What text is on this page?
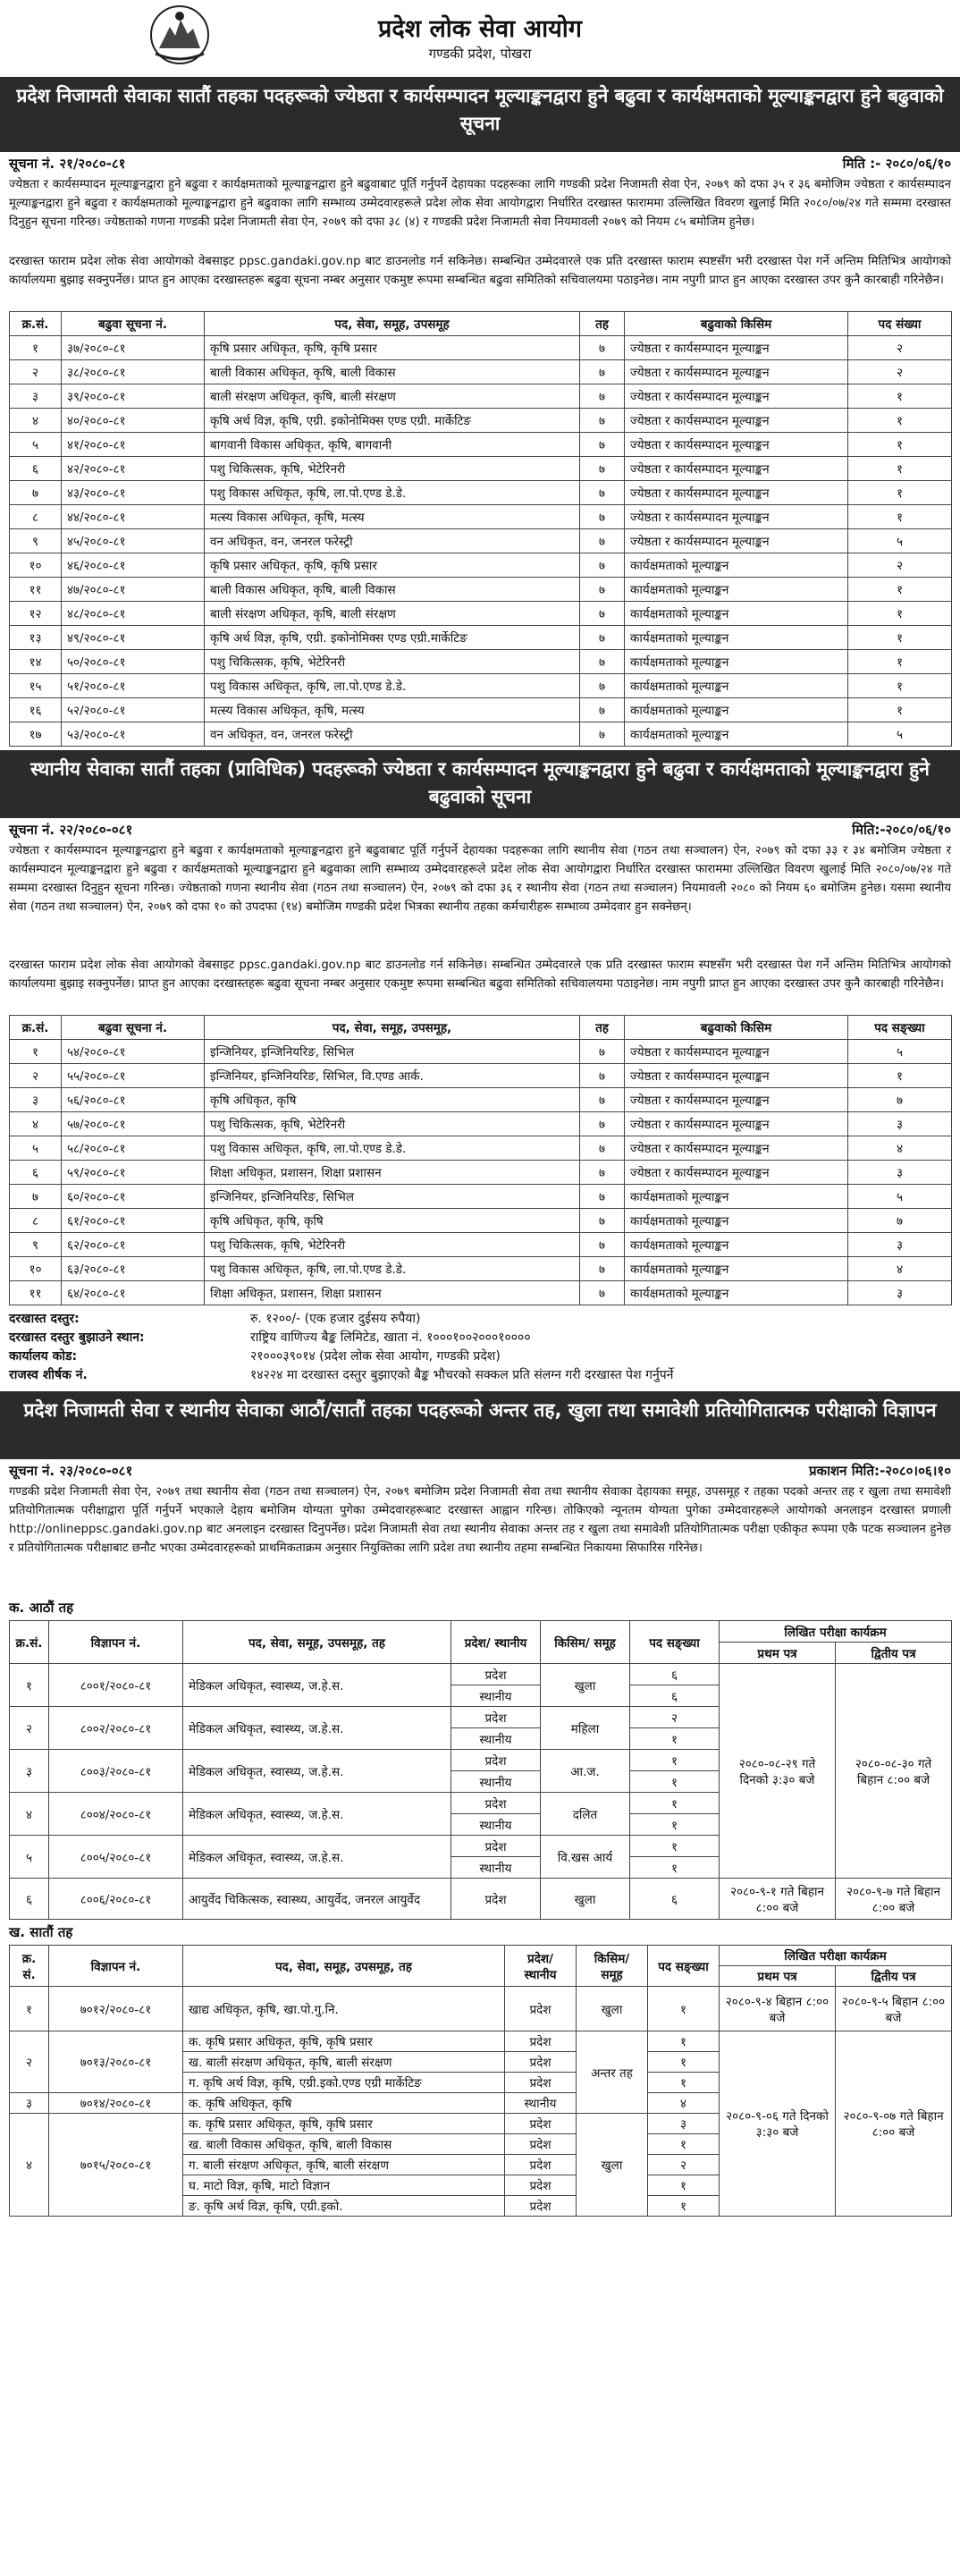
प्रदेश लोक सेवा आयोग
गण्डकी प्रदेश, पोखरा
प्रदेश निजामती सेवाका सातौं तहका पदहरूको ज्येष्ठता र कार्यसम्पादन मूल्याङ्कनद्वारा हुने बढुवा र कार्यक्षमताको मूल्याङ्कनद्वारा हुने बढुवाको सूचना
सूचना नं. २१/२०८०-८१	मिति :- २०८०/०६/१०
ज्येष्ठता र कार्यसम्पादन मूल्याङ्कनद्वारा हुने बढुवा र कार्यक्षमताको मूल्याङ्कनद्वारा हुने बढुवाबाट पूर्ति गर्नुपर्ने देहायका पदहरूका लागि गण्डकी प्रदेश निजामती सेवा ऐन, २०७९ को दफा ३५ र ३६ बमोजिम ज्येष्ठता र कार्यसम्पादन मूल्याङ्कनद्वारा हुने बढुवा र कार्यक्षमताको मूल्याङ्कनद्वारा हुने बढुवाका लागि सम्भाव्य उम्मेदवारहरूले प्रदेश लोक सेवा आयोगद्वारा निर्धारित दरखास्त फाराममा उल्लिखित विवरण खुलाई मिति २०८०/०७/२४ गते सम्ममा दरखास्त दिनुहुन सूचना गरिन्छ। ज्येष्ठताको गणना गण्डकी प्रदेश निजामती सेवा ऐन, २०७९ को दफा ३८ (४) र गण्डकी प्रदेश निजामती सेवा नियमावली २०७९ को नियम ८५ बमोजिम हुनेछ।
दरखास्त फाराम प्रदेश लोक सेवा आयोगको वेबसाइट ppsc.gandaki.gov.np बाट डाउनलोड गर्न सकिनेछ। सम्बन्धित उम्मेदवारले एक प्रति दरखास्त फाराम स्पष्टसँग भरी दरखास्त पेश गर्ने अन्तिम मितिभित्र आयोगको कार्यालयमा बुझाइ सक्नुपर्नेछ। प्राप्त हुन आएका दरखास्तहरू बढुवा सूचना नम्बर अनुसार एकमुष्ट रूपमा सम्बन्धित बढुवा समितिको सचिवालयमा पठाइनेछ। नाम नपुगी प्राप्त हुन आएका दरखास्त उपर कुनै कारबाही गरिनेछैन।
क्र.सं.	बढुवा सूचना नं.	पद, सेवा, समूह, उपसमूह	तह	बढुवाको किसिम	पद संख्या
१	३७/२०८०-८१	कृषि प्रसार अधिकृत, कृषि, कृषि प्रसार	७	ज्येष्ठता र कार्यसम्पादन मूल्याङ्कन	२
२	३८/२०८०-८१	बाली विकास अधिकृत, कृषि, बाली विकास	७	ज्येष्ठता र कार्यसम्पादन मूल्याङ्कन	२
३	३९/२०८०-८१	बाली संरक्षण अधिकृत, कृषि, बाली संरक्षण	७	ज्येष्ठता र कार्यसम्पादन मूल्याङ्कन	१
४	४०/२०८०-८१	कृषि अर्थ विज्ञ, कृषि, एग्री. इकोनोमिक्स एण्ड एग्री. मार्केटिङ	७	ज्येष्ठता र कार्यसम्पादन मूल्याङ्कन	१
५	४१/२०८०-८१	बागवानी विकास अधिकृत, कृषि, बागवानी	७	ज्येष्ठता र कार्यसम्पादन मूल्याङ्कन	१
६	४२/२०८०-८१	पशु चिकित्सक, कृषि, भेटेरिनरी	७	ज्येष्ठता र कार्यसम्पादन मूल्याङ्कन	१
७	४३/२०८०-८१	पशु विकास अधिकृत, कृषि, ला.पो.एण्ड डे.डे.	७	ज्येष्ठता र कार्यसम्पादन मूल्याङ्कन	१
८	४४/२०८०-८१	मत्स्य विकास अधिकृत, कृषि, मत्स्य	७	ज्येष्ठता र कार्यसम्पादन मूल्याङ्कन	१
९	४५/२०८०-८१	वन अधिकृत, वन, जनरल फरेस्ट्री	७	ज्येष्ठता र कार्यसम्पादन मूल्याङ्कन	५
१०	४६/२०८०-८१	कृषि प्रसार अधिकृत, कृषि, कृषि प्रसार	७	कार्यक्षमताको मूल्याङ्कन	२
११	४७/२०८०-८१	बाली विकास अधिकृत, कृषि, बाली विकास	७	कार्यक्षमताको मूल्याङ्कन	१
१२	४८/२०८०-८१	बाली संरक्षण अधिकृत, कृषि, बाली संरक्षण	७	कार्यक्षमताको मूल्याङ्कन	१
१३	४९/२०८०-८१	कृषि अर्थ विज्ञ, कृषि, एग्री. इकोनोमिक्स एण्ड एग्री.मार्केटिङ	७	कार्यक्षमताको मूल्याङ्कन	१
१४	५०/२०८०-८१	पशु चिकित्सक, कृषि, भेटेरिनरी	७	कार्यक्षमताको मूल्याङ्कन	१
१५	५१/२०८०-८१	पशु विकास अधिकृत, कृषि, ला.पो.एण्ड डे.डे.	७	कार्यक्षमताको मूल्याङ्कन	१
१६	५२/२०८०-८१	मत्स्य विकास अधिकृत, कृषि, मत्स्य	७	कार्यक्षमताको मूल्याङ्कन	१
१७	५३/२०८०-८१	वन अधिकृत, वन, जनरल फरेस्ट्री	७	कार्यक्षमताको मूल्याङ्कन	५
स्थानीय सेवाका सातौं तहका (प्राविधिक) पदहरूको ज्येष्ठता र कार्यसम्पादन मूल्याङ्कनद्वारा हुने बढुवा र कार्यक्षमताको मूल्याङ्कनद्वारा हुने बढुवाको सूचना
सूचना नं. २२/२०८०-०८१	मिति:-२०८०/०६/१०
ज्येष्ठता र कार्यसम्पादन मूल्याङ्कनद्वारा हुने बढुवा र कार्यक्षमताको मूल्याङ्कनद्वारा हुने बढुवाबाट पूर्ति गर्नुपर्ने देहायका पदहरूका लागि स्थानीय सेवा (गठन तथा सञ्चालन) ऐन, २०७९ को दफा ३३ र ३४ बमोजिम ज्येष्ठता र कार्यसम्पादन मूल्याङ्कनद्वारा हुने बढुवा र कार्यक्षमताको मूल्याङ्कनद्वारा हुने बढुवाका लागि सम्भाव्य उम्मेदवारहरूले प्रदेश लोक सेवा आयोगद्वारा निर्धारित दरखास्त फाराममा उल्लिखित विवरण खुलाई मिति २०८०/०७/२४ गते सम्ममा दरखास्त दिनुहुन सूचना गरिन्छ। ज्येष्ठताको गणना स्थानीय सेवा (गठन तथा सञ्चालन) ऐन, २०७९ को दफा ३६ र स्थानीय सेवा (गठन तथा सञ्चालन) नियमावली २०८० को नियम ६० बमोजिम हुनेछ। यसमा स्थानीय सेवा (गठन तथा सञ्चालन) ऐन, २०७९ को दफा १० को उपदफा (१४) बमोजिम गण्डकी प्रदेश भित्रका स्थानीय तहका कर्मचारीहरू सम्भाव्य उम्मेदवार हुन सक्नेछन्।
दरखास्त फाराम प्रदेश लोक सेवा आयोगको वेबसाइट ppsc.gandaki.gov.np बाट डाउनलोड गर्न सकिनेछ। सम्बन्धित उम्मेदवारले एक प्रति दरखास्त फाराम स्पष्टसँग भरी दरखास्त पेश गर्ने अन्तिम मितिभित्र आयोगको कार्यालयमा बुझाइ सक्नुपर्नेछ। प्राप्त हुन आएका दरखास्तहरू बढुवा सूचना नम्बर अनुसार एकमुष्ट रूपमा सम्बन्धित बढुवा समितिको सचिवालयमा पठाइनेछ। नाम नपुगी प्राप्त हुन आएका दरखास्त उपर कुनै कारबाही गरिनेछैन।
क्र.सं.	बढुवा सूचना नं.	पद, सेवा, समूह, उपसमूह,	तह	बढुवाको किसिम	पद सङ्ख्या
१	५४/२०८०-८१	इन्जिनियर, इन्जिनियरिङ, सिभिल	७	ज्येष्ठता र कार्यसम्पादन मूल्याङ्कन	५
२	५५/२०८०-८१	इन्जिनियर, इन्जिनियरिङ, सिभिल, वि.एण्ड आर्क.	७	ज्येष्ठता र कार्यसम्पादन मूल्याङ्कन	१
३	५६/२०८०-८१	कृषि अधिकृत, कृषि	७	ज्येष्ठता र कार्यसम्पादन मूल्याङ्कन	७
४	५७/२०८०-८१	पशु चिकित्सक, कृषि, भेटेरिनरी	७	ज्येष्ठता र कार्यसम्पादन मूल्याङ्कन	३
५	५८/२०८०-८१	पशु विकास अधिकृत, कृषि, ला.पो.एण्ड डे.डे.	७	ज्येष्ठता र कार्यसम्पादन मूल्याङ्कन	४
६	५९/२०८०-८१	शिक्षा अधिकृत, प्रशासन, शिक्षा प्रशासन	७	ज्येष्ठता र कार्यसम्पादन मूल्याङ्कन	३
७	६०/२०८०-८१	इन्जिनियर, इन्जिनियरिङ, सिभिल	७	कार्यक्षमताको मूल्याङ्कन	५
८	६१/२०८०-८१	कृषि अधिकृत, कृषि, कृषि	७	कार्यक्षमताको मूल्याङ्कन	७
९	६२/२०८०-८१	पशु चिकित्सक, कृषि, भेटेरिनरी	७	कार्यक्षमताको मूल्याङ्कन	३
१०	६३/२०८०-८१	पशु विकास अधिकृत, कृषि, ला.पो.एण्ड डे.डे.	७	कार्यक्षमताको मूल्याङ्कन	४
११	६४/२०८०-८१	शिक्षा अधिकृत, प्रशासन, शिक्षा प्रशासन	७	कार्यक्षमताको मूल्याङ्कन	३
दरखास्त दस्तुर:	रु. १२००/- (एक हजार दुईसय रुपैया)
दरखास्त दस्तुर बुझाउने स्थान:	राष्ट्रिय वाणिज्य बैङ्क लिमिटेड, खाता नं. १०००१००२०००१००००
कार्यालय कोड:	२१०००३९०१४ (प्रदेश लोक सेवा आयोग, गण्डकी प्रदेश)
राजस्व शीर्षक नं.	१४२२४ मा दरखास्त दस्तुर बुझाएको बैङ्क भौचरको सक्कल प्रति संलग्न गरी दरखास्त पेश गर्नुपर्ने
प्रदेश निजामती सेवा र स्थानीय सेवाका आठौं/सातौं तहका पदहरूको अन्तर तह, खुला तथा समावेशी प्रतियोगितात्मक परीक्षाको विज्ञापन
सूचना नं. २३/२०८०-०८१	प्रकाशन मिति:-२०८०।०६।१०
गण्डकी प्रदेश निजामती सेवा ऐन, २०७९ तथा स्थानीय सेवा (गठन तथा सञ्चालन) ऐन, २०७९ बमोजिम प्रदेश निजामती सेवा तथा स्थानीय सेवाका देहायका समूह, उपसमूह र तहका पदको अन्तर तह र खुला तथा समावेशी प्रतियोगितात्मक परीक्षाद्वारा पूर्ति गर्नुपर्ने भएकाले देहाय बमोजिम योग्यता पुगेका उम्मेदवारहरूबाट दरखास्त आह्वान गरिन्छ। तोकिएको न्यूनतम योग्यता पुगेका उम्मेदवारहरूले आयोगको अनलाइन दरखास्त प्रणाली http://onlineppsc.gandaki.gov.np बाट अनलाइन दरखास्त दिनुपर्नेछ। प्रदेश निजामती सेवा तथा स्थानीय सेवाका अन्तर तह र खुला तथा समावेशी प्रतियोगितात्मक परीक्षा एकीकृत रूपमा एकै पटक सञ्चालन हुनेछ र प्रतियोगितात्मक परीक्षाबाट छनौट भएका उम्मेदवारहरूको प्राथमिकताक्रम अनुसार नियुक्तिका लागि प्रदेश तथा स्थानीय तहमा सम्बन्धित निकायमा सिफारिस गरिनेछ।
क. आठौं तह
क्र.सं.	विज्ञापन नं.	पद, सेवा, समूह, उपसमूह, तह	प्रदेश/ स्थानीय	किसिम/ समूह	पद सङ्ख्या	लिखित परीक्षा कार्यक्रम	
						प्रथम पत्र	द्वितीय पत्र
१	८००१/२०८०-८१	मेडिकल अधिकृत, स्वास्थ्य, ज.हे.स.	प्रदेश	खुला	६	२०८०-०८-२९ गते दिनको ३:३० बजे	२०८०-०८-३० गते बिहान ८:०० बजे
			स्थानीय		६		
२	८००२/२०८०-८१	मेडिकल अधिकृत, स्वास्थ्य, ज.हे.स.	प्रदेश	महिला	२		
			स्थानीय		१		
३	८००३/२०८०-८१	मेडिकल अधिकृत, स्वास्थ्य, ज.हे.स.	प्रदेश	आ.ज.	१		
			स्थानीय		१		
४	८००४/२०८०-८१	मेडिकल अधिकृत, स्वास्थ्य, ज.हे.स.	प्रदेश	दलित	१		
			स्थानीय		१		
५	८००५/२०८०-८१	मेडिकल अधिकृत, स्वास्थ्य, ज.हे.स.	प्रदेश	वि.खस आर्य	१		
			स्थानीय		१		
६	८००६/२०८०-८१	आयुर्वेद चिकित्सक, स्वास्थ्य, आयुर्वेद, जनरल आयुर्वेद	प्रदेश	खुला	६	२०८०-९-१ गते बिहान ८:०० बजे	२०८०-९-७ गते बिहान ८:०० बजे
ख. सातौं तह
क्र. सं.	विज्ञापन नं.	पद, सेवा, समूह, उपसमूह, तह	प्रदेश/ स्थानीय	किसिम/ समूह	पद सङ्ख्या	लिखित परीक्षा कार्यक्रम	
						प्रथम पत्र	द्वितीय पत्र
१	७०१२/२०८०-८१	खाद्य अधिकृत, कृषि, खा.पो.गु.नि.	प्रदेश	खुला	१	२०८०-९-४ बिहान ८:०० बजे	२०८०-९-५ बिहान ८:०० बजे
२	७०१३/२०८०-८१	क. कृषि प्रसार अधिकृत, कृषि, कृषि प्रसार	प्रदेश	अन्तर तह	१	२०८०-९-०६ गते दिनको ३:३० बजे	२०८०-९-०७ गते बिहान ८:०० बजे
		ख. बाली संरक्षण अधिकृत, कृषि, बाली संरक्षण	प्रदेश		१		
		ग. कृषि अर्थ विज्ञ, कृषि, एग्री.इको.एण्ड एग्री मार्केटिङ	प्रदेश		१		
३	७०१४/२०८०-८१	क. कृषि अधिकृत, कृषि	स्थानीय		४		
४	७०१५/२०८०-८१	क. कृषि प्रसार अधिकृत, कृषि, कृषि प्रसार	प्रदेश	खुला	३		
		ख. बाली विकास अधिकृत, कृषि, बाली विकास	प्रदेश		१		
		ग. बाली संरक्षण अधिकृत, कृषि, बाली संरक्षण	प्रदेश		२		
		घ. माटो विज्ञ, कृषि, माटो विज्ञान	प्रदेश		१		
		ङ. कृषि अर्थ विज्ञ, कृषि, एग्री.इको.	प्रदेश		१		
